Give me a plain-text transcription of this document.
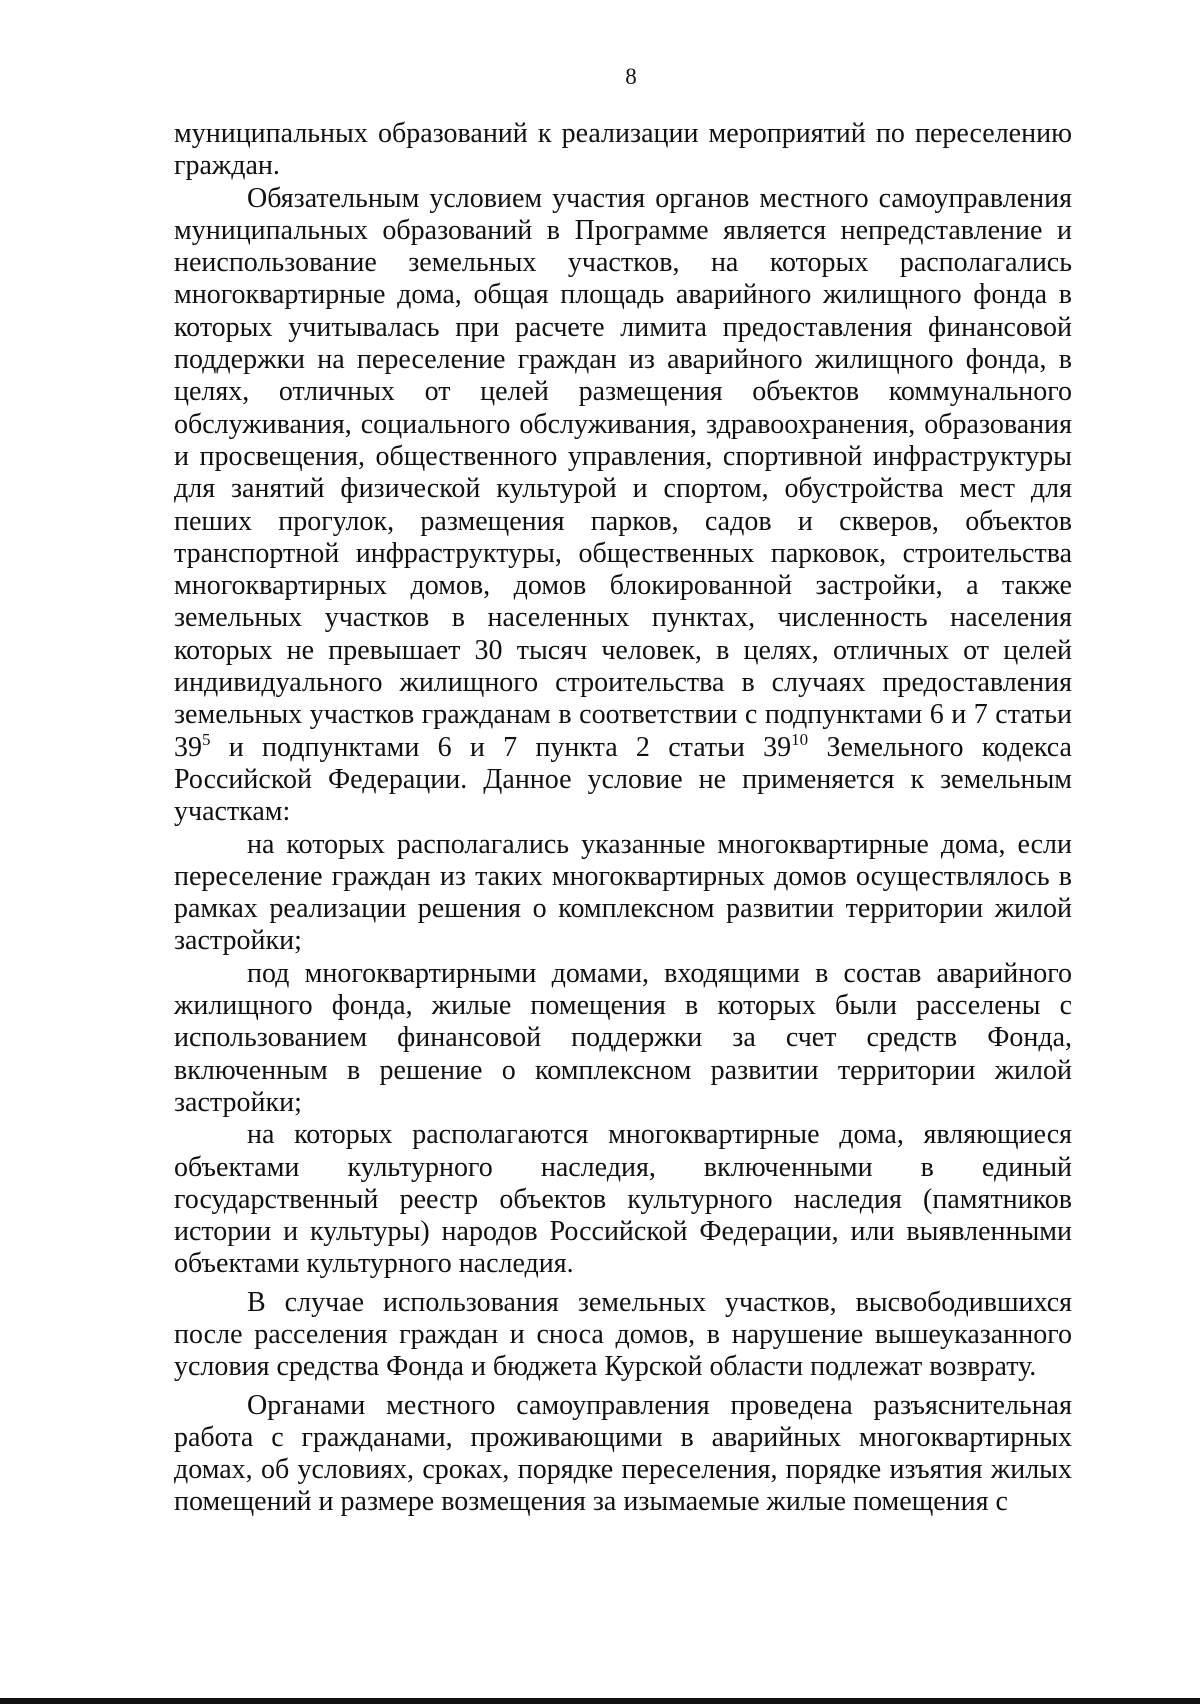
8

муниципальных образований к реализации мероприятий по переселению граждан.

Обязательным условием участия органов местного самоуправления муниципальных образований в Программе является непредставление и неиспользование земельных участков, на которых располагались многоквартирные дома, общая площадь аварийного жилищного фонда в которых учитывалась при расчете лимита предоставления финансовой поддержки на переселение граждан из аварийного жилищного фонда, в целях, отличных от целей размещения объектов коммунального обслуживания, социального обслуживания, здравоохранения, образования и просвещения, общественного управления, спортивной инфраструктуры для занятий физической культурой и спортом, обустройства мест для пеших прогулок, размещения парков, садов и скверов, объектов транспортной инфраструктуры, общественных парковок, строительства многоквартирных домов, домов блокированной застройки, а также земельных участков в населенных пунктах, численность населения которых не превышает 30 тысяч человек, в целях, отличных от целей индивидуального жилищного строительства в случаях предоставления земельных участков гражданам в соответствии с подпунктами 6 и 7 статьи $39^5$ и подпунктами 6 и 7 пункта 2 статьи $39^{10}$ Земельного кодекса Российской Федерации. Данное условие не применяется к земельным участкам:

на которых располагались указанные многоквартирные дома, если переселение граждан из таких многоквартирных домов осуществлялось в рамках реализации решения о комплексном развитии территории жилой застройки;

под многоквартирными домами, входящими в состав аварийного жилищного фонда, жилые помещения в которых были расселены с использованием финансовой поддержки за счет средств Фонда, включенным в решение о комплексном развитии территории жилой застройки;

на которых располагаются многоквартирные дома, являющиеся объектами культурного наследия, включенными в единый государственный реестр объектов культурного наследия (памятников истории и культуры) народов Российской Федерации, или выявленными объектами культурного наследия.

В случае использования земельных участков, высвободившихся после расселения граждан и сноса домов, в нарушение вышеуказанного условия средства Фонда и бюджета Курской области подлежат возврату.

Органами местного самоуправления проведена разъяснительная работа с гражданами, проживающими в аварийных многоквартирных домах, об условиях, сроках, порядке переселения, порядке изъятия жилых помещений и размере возмещения за изымаемые жилые помещения с
